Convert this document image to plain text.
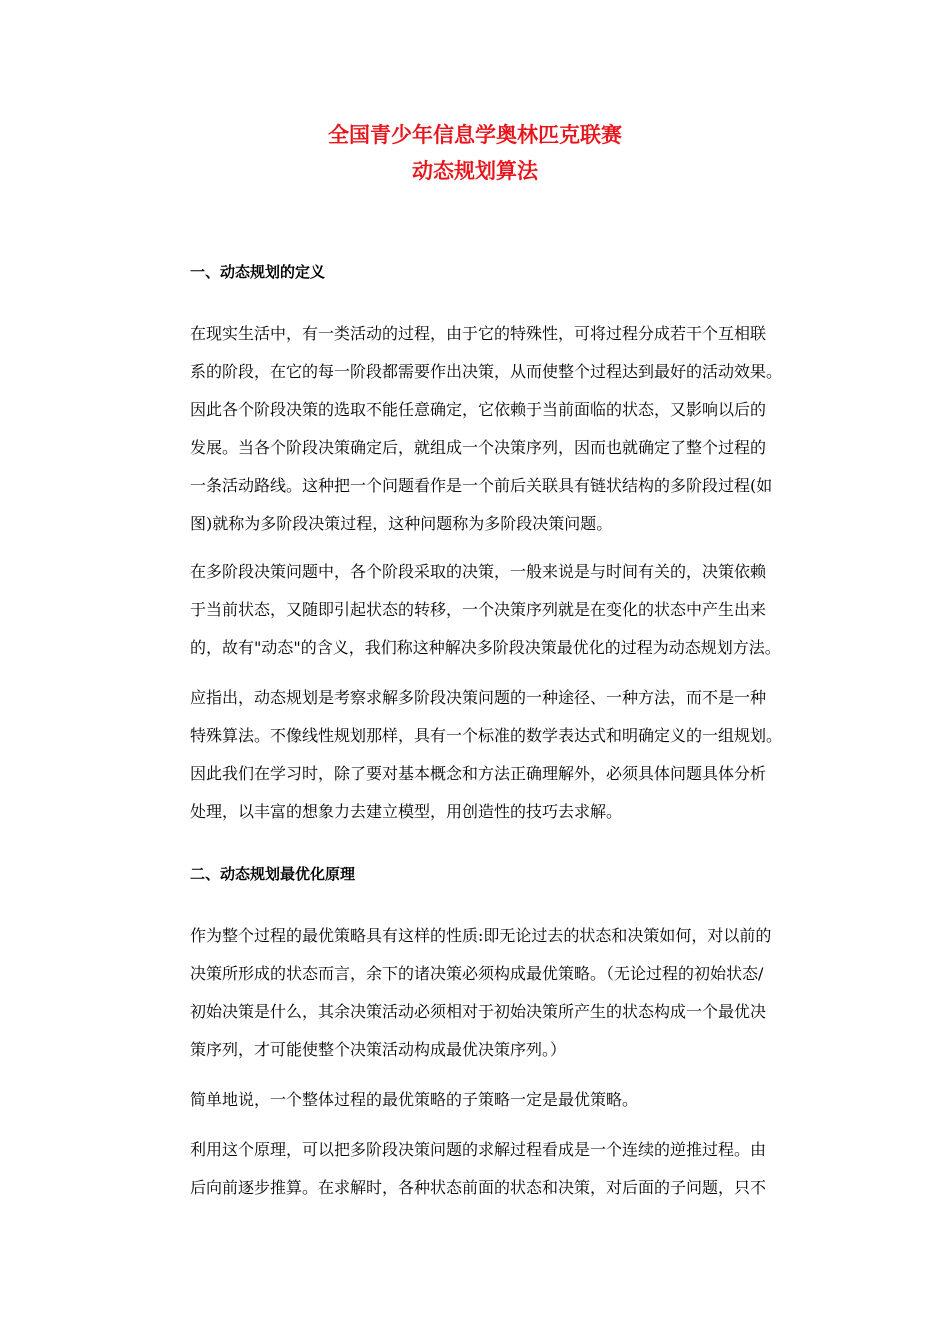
全国青少年信息学奥林匹克联赛
动态规划算法
一、动态规划的定义
在现实生活中，有一类活动的过程，由于它的特殊性，可将过程分成若干个互相联
系的阶段，在它的每一阶段都需要作出决策，从而使整个过程达到最好的活动效果。
因此各个阶段决策的选取不能任意确定，它依赖于当前面临的状态，又影响以后的
发展。当各个阶段决策确定后，就组成一个决策序列，因而也就确定了整个过程的
一条活动路线。这种把一个问题看作是一个前后关联具有链状结构的多阶段过程(如
图)就称为多阶段决策过程，这种问题称为多阶段决策问题。
在多阶段决策问题中，各个阶段采取的决策，一般来说是与时间有关的，决策依赖
于当前状态，又随即引起状态的转移，一个决策序列就是在变化的状态中产生出来
的，故有"动态"的含义，我们称这种解决多阶段决策最优化的过程为动态规划方法。
应指出，动态规划是考察求解多阶段决策问题的一种途径、一种方法，而不是一种
特殊算法。不像线性规划那样，具有一个标准的数学表达式和明确定义的一组规划。
因此我们在学习时，除了要对基本概念和方法正确理解外，必须具体问题具体分析
处理，以丰富的想象力去建立模型，用创造性的技巧去求解。
二、动态规划最优化原理
作为整个过程的最优策略具有这样的性质:即无论过去的状态和决策如何，对以前的
决策所形成的状态而言，余下的诸决策必须构成最优策略。（无论过程的初始状态/
初始决策是什么，其余决策活动必须相对于初始决策所产生的状态构成一个最优决
策序列，才可能使整个决策活动构成最优决策序列。）
简单地说，一个整体过程的最优策略的子策略一定是最优策略。
利用这个原理，可以把多阶段决策问题的求解过程看成是一个连续的逆推过程。由
后向前逐步推算。在求解时，各种状态前面的状态和决策，对后面的子问题，只不
